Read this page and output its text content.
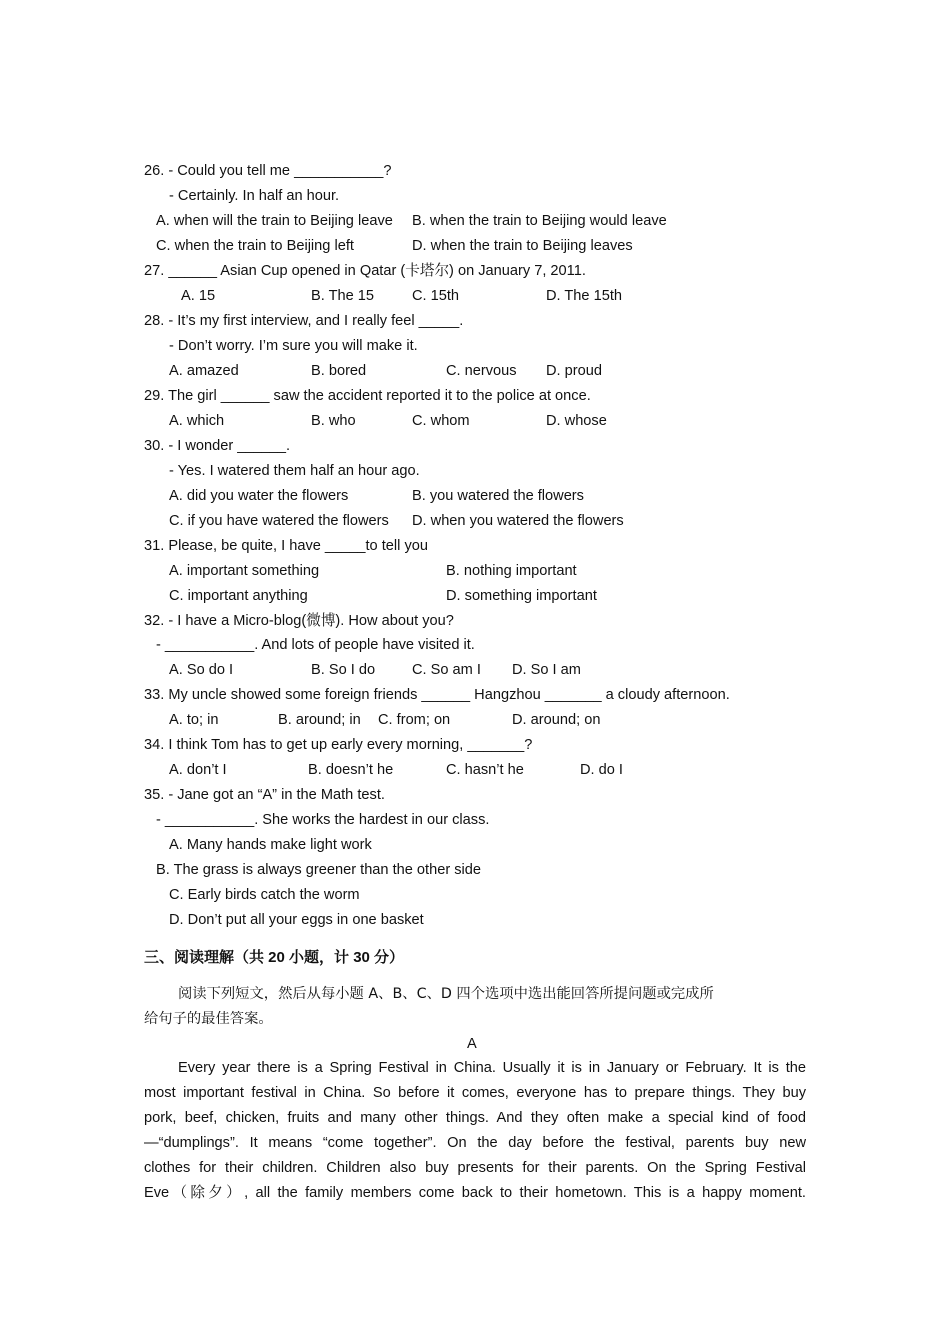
26. - Could you tell me ___________?
- Certainly. In half an hour.
A. when will the train to Beijing leave B. when the train to Beijing would leave
C. when the train to Beijing left	D. when the train to Beijing leaves
27. ______ Asian Cup opened in Qatar (卡塔尔) on January 7, 2011.
A. 15	B. The 15	C. 15th	D. The 15th
28. - It’s my first interview, and I really feel _____.
- Don’t worry. I’m sure you will make it.
A. amazed	B. bored	C. nervous D. proud
29. The girl ______ saw the accident reported it to the police at once.
A. which	B. who	C. whom	D. whose
30. - I wonder ______.
- Yes. I watered them half an hour ago.
A. did you water the flowers	B. you watered the flowers
C. if you have watered the flowers D. when you watered the flowers
31. Please, be quite, I have _____to tell you
A. important something	B. nothing important
C. important anything	D. something important
32. - I have a Micro-blog(微博). How about you?
- ___________. And lots of people have visited it.
A. So do I	B. So I do	C. So am I D. So I am
33. My uncle showed some foreign friends ______ Hangzhou _______ a cloudy afternoon.
A. to; in	B. around; in C. from; on	D. around; on
34. I think Tom has to get up early every morning, _______?
A. don’t I	B. doesn’t he	C. hasn’t he	D. do I
35. - Jane got an “A” in the Math test.
- ___________. She works the hardest in our class.
A. Many hands make light work
B. The grass is always greener than the other side
C. Early birds catch the worm
D. Don’t put all your eggs in one basket
三、阅读理解（共 20 小题，计 30 分）
阅读下列短文，然后从每小题 A、B、C、D 四个选项中选出能回答所提问题或完成所
给句子的最佳答案。
A
Every year there is a Spring Festival in China. Usually it is in January or February. It is the
most important festival in China. So before it comes, everyone has to prepare things. They buy
pork, beef, chicken, fruits and many other things. And they often make a special kind of food
—“dumplings”. It means “come together”. On the day before the festival, parents buy new
clothes for their children. Children also buy presents for their parents. On the Spring Festival
Eve（除夕）, all the family members come back to their hometown. This is a happy moment.
